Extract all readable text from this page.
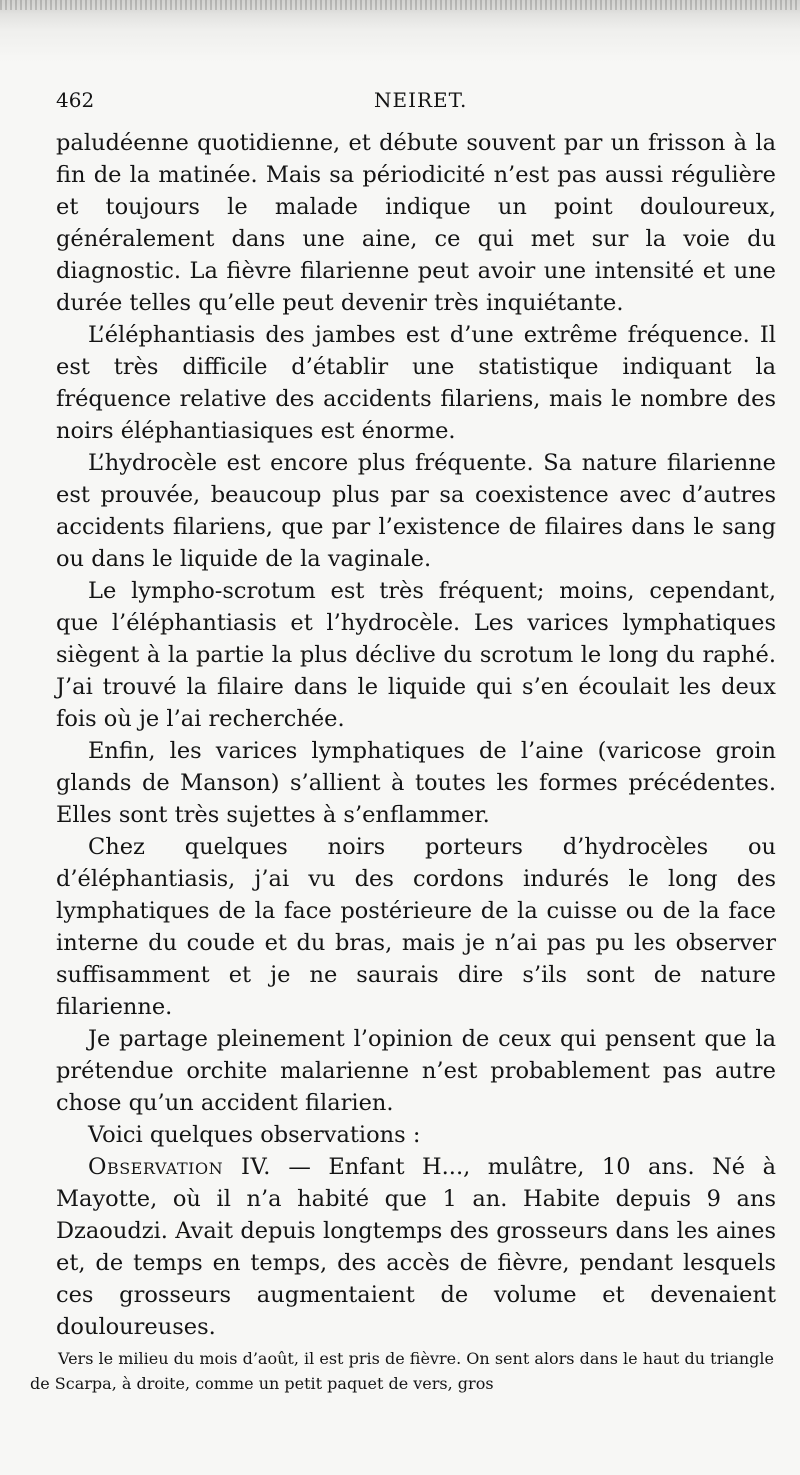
462	NEIRET.

paludéenne quotidienne, et débute souvent par un frisson à la fin de la matinée. Mais sa périodicité n’est pas aussi régulière et toujours le malade indique un point douloureux, généralement dans une aine, ce qui met sur la voie du diagnostic. La fièvre filarienne peut avoir une intensité et une durée telles qu’elle peut devenir très inquiétante.

L’éléphantiasis des jambes est d’une extrême fréquence. Il est très difficile d’établir une statistique indiquant la fréquence relative des accidents filariens, mais le nombre des noirs éléphantiasiques est énorme.

L’hydrocèle est encore plus fréquente. Sa nature filarienne est prouvée, beaucoup plus par sa coexistence avec d’autres accidents filariens, que par l’existence de filaires dans le sang ou dans le liquide de la vaginale.

Le lympho-scrotum est très fréquent; moins, cependant, que l’éléphantiasis et l’hydrocèle. Les varices lymphatiques siègent à la partie la plus déclive du scrotum le long du raphé. J’ai trouvé la filaire dans le liquide qui s’en écoulait les deux fois où je l’ai recherchée.

Enfin, les varices lymphatiques de l’aine (varicose groin glands de Manson) s’allient à toutes les formes précédentes. Elles sont très sujettes à s’enflammer.

Chez quelques noirs porteurs d’hydrocèles ou d’éléphantiasis, j’ai vu des cordons indurés le long des lymphatiques de la face postérieure de la cuisse ou de la face interne du coude et du bras, mais je n’ai pas pu les observer suffisamment et je ne saurais dire s’ils sont de nature filarienne.

Je partage pleinement l’opinion de ceux qui pensent que la prétendue orchite malarienne n’est probablement pas autre chose qu’un accident filarien.

Voici quelques observations :

Observation IV. — Enfant H..., mulâtre, 10 ans. Né à Mayotte, où il n’a habité que 1 an. Habite depuis 9 ans Dzaoudzi. Avait depuis longtemps des grosseurs dans les aines et, de temps en temps, des accès de fièvre, pendant lesquels ces grosseurs augmentaient de volume et devenaient douloureuses.

Vers le milieu du mois d’août, il est pris de fièvre. On sent alors dans le haut du triangle de Scarpa, à droite, comme un petit paquet de vers, gros
